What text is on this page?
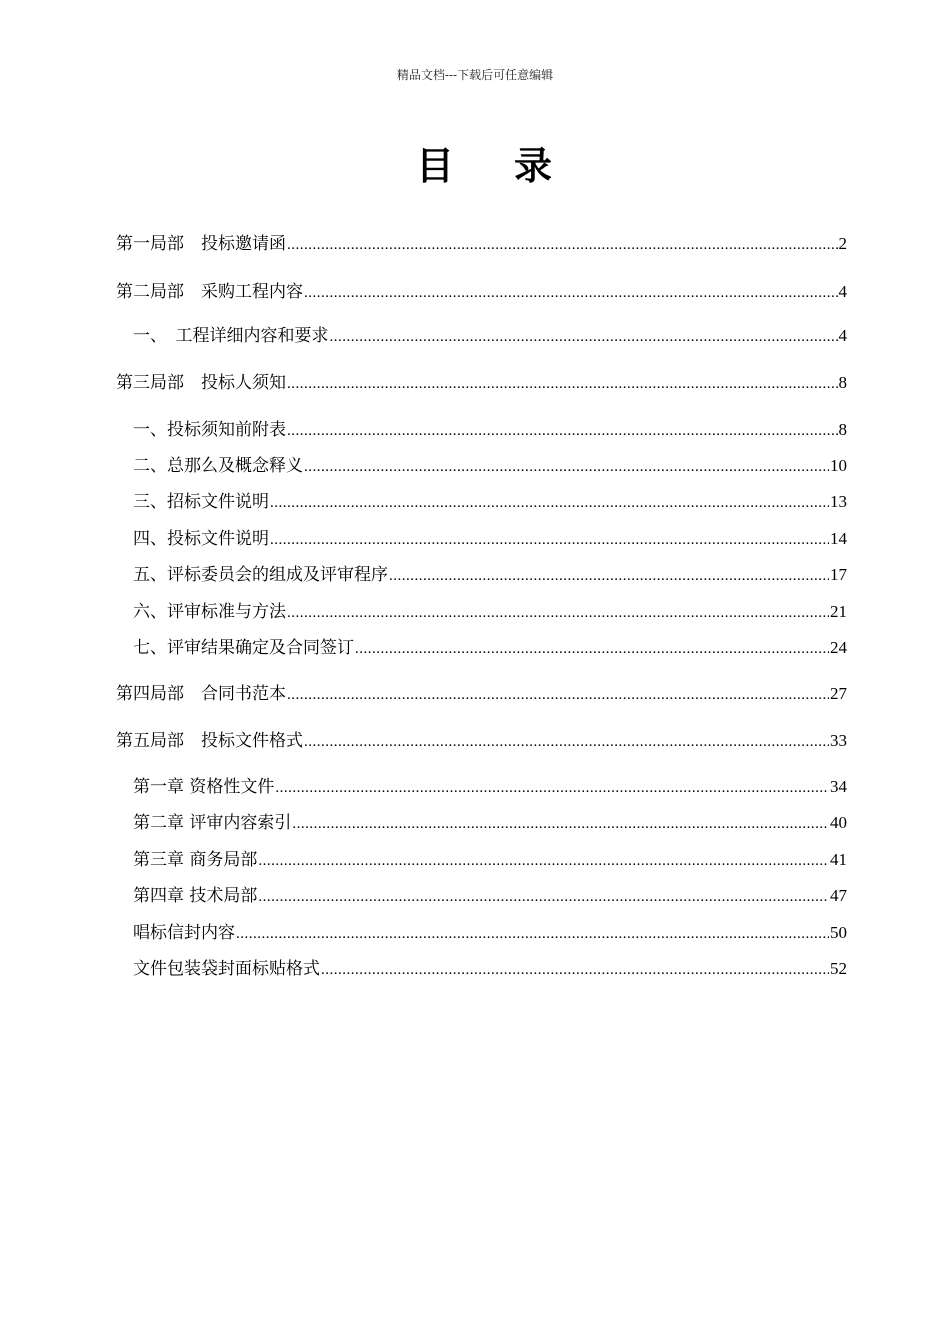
精品文档---下载后可任意编辑
目 录
第一局部　投标邀请函 .....	2
第二局部　采购工程内容 .....	4
一、　工程详细内容和要求 .....	4
第三局部　投标人须知 .....	8
一、投标须知前附表 .....	8
二、总那么及概念释义 .....	10
三、招标文件说明 .....	13
四、投标文件说明 .....	14
五、评标委员会的组成及评审程序 .....	17
六、评审标准与方法 .....	21
七、评审结果确定及合同签订 .....	24
第四局部　合同书范本 .....	27
第五局部　投标文件格式 .....	33
第一章 资格性文件 .....	34
第二章 评审内容索引 .....	40
第三章 商务局部 .....	41
第四章 技术局部 .....	47
唱标信封内容 .....	50
文件包装袋封面标贴格式 .....	52
